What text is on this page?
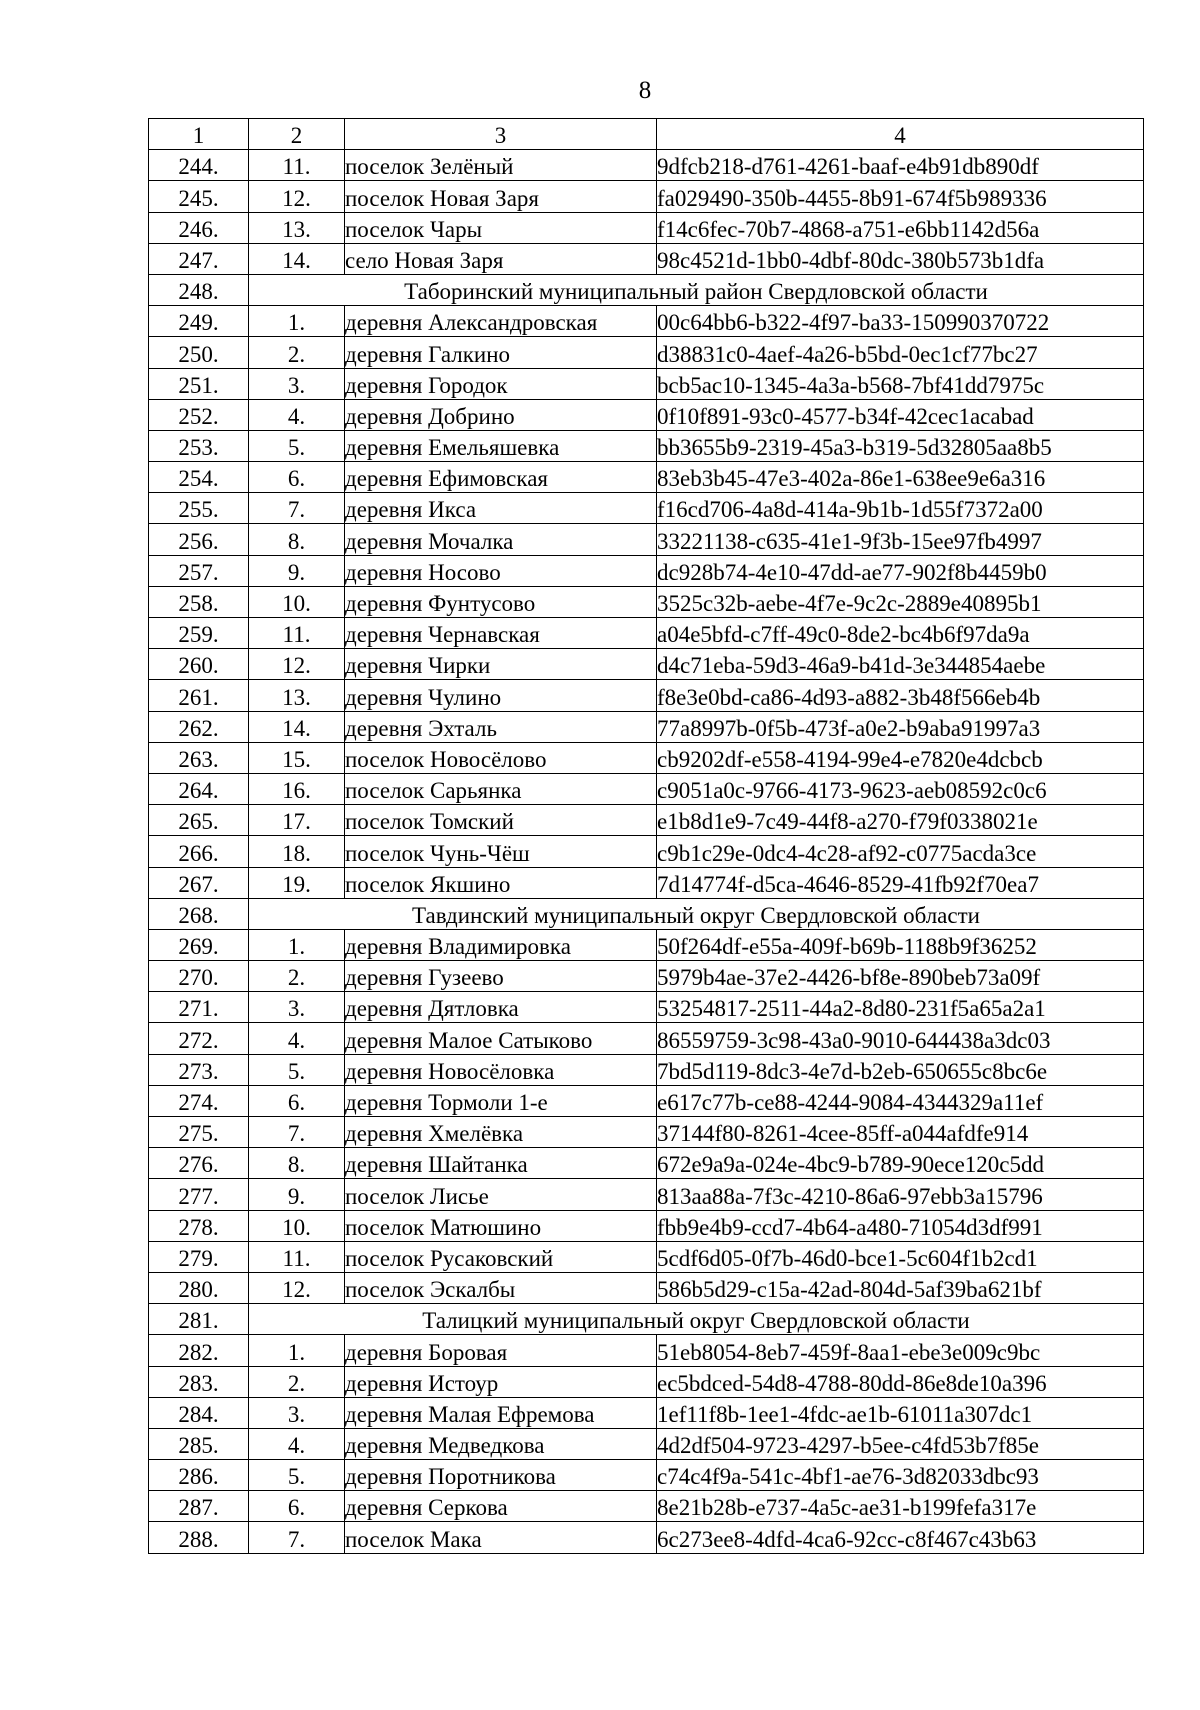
8
1	2	3	4
244.	11.	поселок Зелёный	9dfcb218-d761-4261-baaf-e4b91db890df
245.	12.	поселок Новая Заря	fa029490-350b-4455-8b91-674f5b989336
246.	13.	поселок Чары	f14c6fec-70b7-4868-a751-e6bb1142d56a
247.	14.	село Новая Заря	98c4521d-1bb0-4dbf-80dc-380b573b1dfa
248.	Таборинский муниципальный район Свердловской области		
249.	1.	деревня Александровская	00c64bb6-b322-4f97-ba33-150990370722
250.	2.	деревня Галкино	d38831c0-4aef-4a26-b5bd-0ec1cf77bc27
251.	3.	деревня Городок	bcb5ac10-1345-4a3a-b568-7bf41dd7975c
252.	4.	деревня Добрино	0f10f891-93c0-4577-b34f-42cec1acabad
253.	5.	деревня Емельяшевка	bb3655b9-2319-45a3-b319-5d32805aa8b5
254.	6.	деревня Ефимовская	83eb3b45-47e3-402a-86e1-638ee9e6a316
255.	7.	деревня Икса	f16cd706-4a8d-414a-9b1b-1d55f7372a00
256.	8.	деревня Мочалка	33221138-c635-41e1-9f3b-15ee97fb4997
257.	9.	деревня Носово	dc928b74-4e10-47dd-ae77-902f8b4459b0
258.	10.	деревня Фунтусово	3525c32b-aebe-4f7e-9c2c-2889e40895b1
259.	11.	деревня Чернавская	a04e5bfd-c7ff-49c0-8de2-bc4b6f97da9a
260.	12.	деревня Чирки	d4c71eba-59d3-46a9-b41d-3e344854aebe
261.	13.	деревня Чулино	f8e3e0bd-ca86-4d93-a882-3b48f566eb4b
262.	14.	деревня Эхталь	77a8997b-0f5b-473f-a0e2-b9aba91997a3
263.	15.	поселок Новосёлово	cb9202df-e558-4194-99e4-e7820e4dcbcb
264.	16.	поселок Сарьянка	c9051a0c-9766-4173-9623-aeb08592c0c6
265.	17.	поселок Томский	e1b8d1e9-7c49-44f8-a270-f79f0338021e
266.	18.	поселок Чунь-Чёш	c9b1c29e-0dc4-4c28-af92-c0775acda3ce
267.	19.	поселок Якшино	7d14774f-d5ca-4646-8529-41fb92f70ea7
268.	Тавдинский муниципальный округ Свердловской области		
269.	1.	деревня Владимировка	50f264df-e55a-409f-b69b-1188b9f36252
270.	2.	деревня Гузеево	5979b4ae-37e2-4426-bf8e-890beb73a09f
271.	3.	деревня Дятловка	53254817-2511-44a2-8d80-231f5a65a2a1
272.	4.	деревня Малое Сатыково	86559759-3c98-43a0-9010-644438a3dc03
273.	5.	деревня Новосёловка	7bd5d119-8dc3-4e7d-b2eb-650655c8bc6e
274.	6.	деревня Тормоли 1-е	e617c77b-ce88-4244-9084-4344329a11ef
275.	7.	деревня Хмелёвка	37144f80-8261-4cee-85ff-a044afdfe914
276.	8.	деревня Шайтанка	672e9a9a-024e-4bc9-b789-90ece120c5dd
277.	9.	поселок Лисье	813aa88a-7f3c-4210-86a6-97ebb3a15796
278.	10.	поселок Матюшино	fbb9e4b9-ccd7-4b64-a480-71054d3df991
279.	11.	поселок Русаковский	5cdf6d05-0f7b-46d0-bce1-5c604f1b2cd1
280.	12.	поселок Эскалбы	586b5d29-c15a-42ad-804d-5af39ba621bf
281.	Талицкий муниципальный округ Свердловской области		
282.	1.	деревня Боровая	51eb8054-8eb7-459f-8aa1-ebe3e009c9bc
283.	2.	деревня Истоур	ec5bdced-54d8-4788-80dd-86e8de10a396
284.	3.	деревня Малая Ефремова	1ef11f8b-1ee1-4fdc-ae1b-61011a307dc1
285.	4.	деревня Медведкова	4d2df504-9723-4297-b5ee-c4fd53b7f85e
286.	5.	деревня Поротникова	c74c4f9a-541c-4bf1-ae76-3d82033dbc93
287.	6.	деревня Серкова	8e21b28b-e737-4a5c-ae31-b199fefa317e
288.	7.	поселок Мака	6c273ee8-4dfd-4ca6-92cc-c8f467c43b63
